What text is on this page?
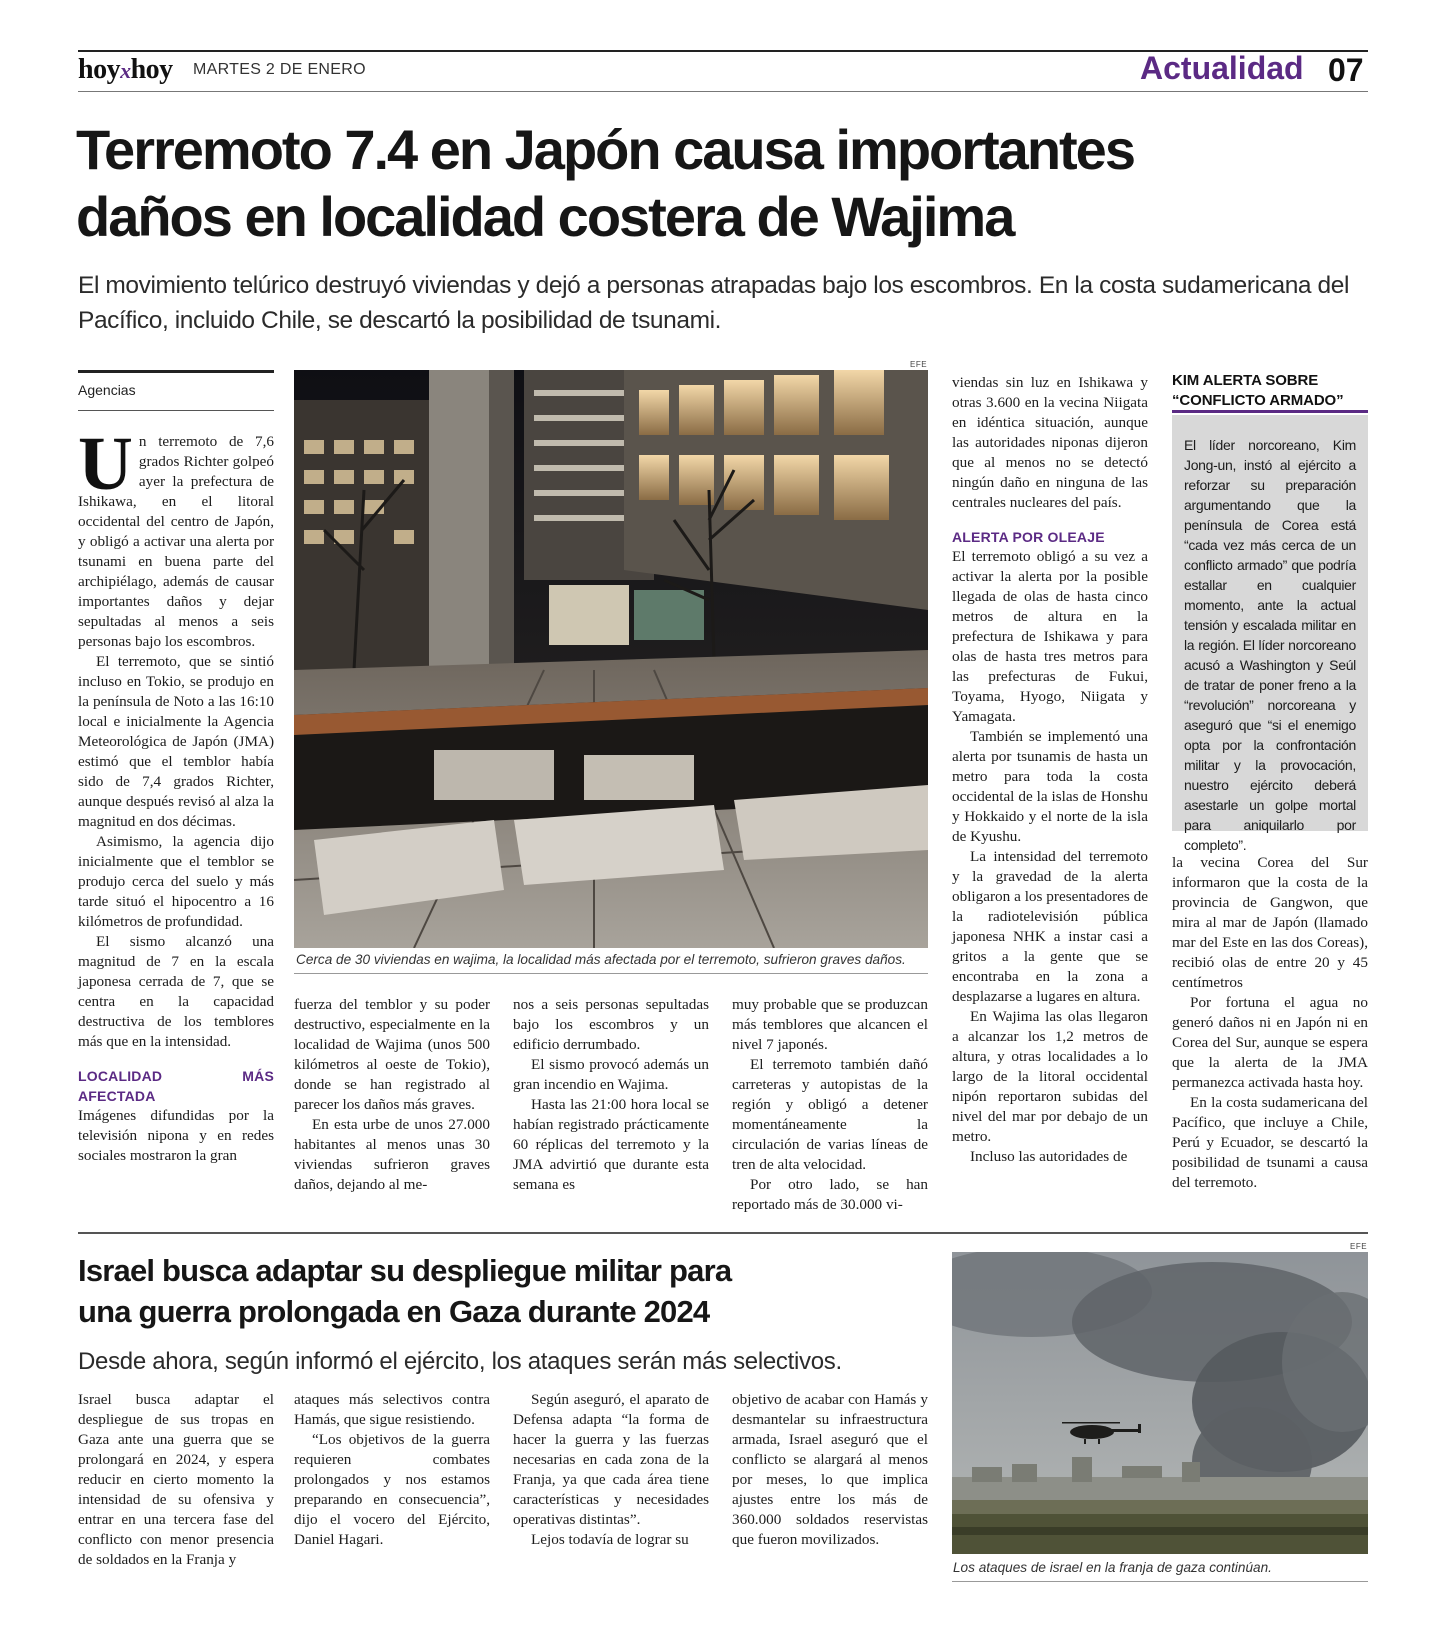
hoyxhoy MARTES 2 DE ENERO	Actualidad 07
Terremoto 7.4 en Japón causa importantes
daños en localidad costera de Wajima
El movimiento telúrico destruyó viviendas y dejó a personas atrapadas bajo los escombros. En la costa sudamericana del Pacífico, incluido Chile, se descartó la posibilidad de tsunami.
Agencias

Un terremoto de 7,6 grados Richter golpeó ayer la prefectura de Ishikawa, en el litoral occidental del centro de Japón, y obligó a activar una alerta por tsunami en buena parte del archipiélago, además de causar importantes daños y dejar sepultadas al menos a seis personas bajo los escombros.

El terremoto, que se sintió incluso en Tokio, se produjo en la península de Noto a las 16:10 local e inicialmente la Agencia Meteorológica de Japón (JMA) estimó que el temblor había sido de 7,4 grados Richter, aunque después revisó al alza la magnitud en dos décimas.

Asimismo, la agencia dijo inicialmente que el temblor se produjo cerca del suelo y más tarde situó el hipocentro a 16 kilómetros de profundidad.

El sismo alcanzó una magnitud de 7 en la escala japonesa cerrada de 7, que se centra en la capacidad destructiva de los temblores más que en la intensidad.

LOCALIDAD MÁS AFECTADA

Imágenes difundidas por la televisión nipona y en redes sociales mostraron la gran

EFE
Cerca de 30 viviendas en wajima, la localidad más afectada por el terremoto, sufrieron graves daños.

fuerza del temblor y su poder destructivo, especialmente en la localidad de Wajima (unos 500 kilómetros al oeste de Tokio), donde se han registrado al parecer los daños más graves.

En esta urbe de unos 27.000 habitantes al menos unas 30 viviendas sufrieron graves daños, dejando al me-

nos a seis personas sepultadas bajo los escombros y un edificio derrumbado.

El sismo provocó además un gran incendio en Wajima.

Hasta las 21:00 hora local se habían registrado prácticamente 60 réplicas del terremoto y la JMA advirtió que durante esta semana es

muy probable que se produzcan más temblores que alcancen el nivel 7 japonés.

El terremoto también dañó carreteras y autopistas de la región y obligó a detener momentáneamente la circulación de varias líneas de tren de alta velocidad.

Por otro lado, se han reportado más de 30.000 vi-

viendas sin luz en Ishikawa y otras 3.600 en la vecina Niigata en idéntica situación, aunque las autoridades niponas dijeron que al menos no se detectó ningún daño en ninguna de las centrales nucleares del país.

ALERTA POR OLEAJE

El terremoto obligó a su vez a activar la alerta por la posible llegada de olas de hasta cinco metros de altura en la prefectura de Ishikawa y para olas de hasta tres metros para las prefecturas de Fukui, Toyama, Hyogo, Niigata y Yamagata.

También se implementó una alerta por tsunamis de hasta un metro para toda la costa occidental de la islas de Honshu y Hokkaido y el norte de la isla de Kyushu.

La intensidad del terremoto y la gravedad de la alerta obligaron a los presentadores de la radiotelevisión pública japonesa NHK a instar casi a gritos a la gente que se encontraba en la zona a desplazarse a lugares en altura.

En Wajima las olas llegaron a alcanzar los 1,2 metros de altura, y otras localidades a lo largo de la litoral occidental nipón reportaron subidas del nivel del mar por debajo de un metro.

Incluso las autoridades de

KIM ALERTA SOBRE
“CONFLICTO ARMADO”
El líder norcoreano, Kim Jong-un, instó al ejército a reforzar su preparación argumentando que la península de Corea está “cada vez más cerca de un conflicto armado” que podría estallar en cualquier momento, ante la actual tensión y escalada militar en la región. El líder norcoreano acusó a Washington y Seúl de tratar de poner freno a la “revolución” norcoreana y aseguró que “si el enemigo opta por la confrontación militar y la provocación, nuestro ejército deberá asestarle un golpe mortal para aniquilarlo por completo”.

la vecina Corea del Sur informaron que la costa de la provincia de Gangwon, que mira al mar de Japón (llamado mar del Este en las dos Coreas), recibió olas de entre 20 y 45 centímetros

Por fortuna el agua no generó daños ni en Japón ni en Corea del Sur, aunque se espera que la alerta de la JMA permanezca activada hasta hoy.

En la costa sudamericana del Pacífico, que incluye a Chile, Perú y Ecuador, se descartó la posibilidad de tsunami a causa del terremoto.

Israel busca adaptar su despliegue militar para
una guerra prolongada en Gaza durante 2024
Desde ahora, según informó el ejército, los ataques serán más selectivos.

Israel busca adaptar el despliegue de sus tropas en Gaza ante una guerra que se prolongará en 2024, y espera reducir en cierto momento la intensidad de su ofensiva y entrar en una tercera fase del conflicto con menor presencia de soldados en la Franja y

ataques más selectivos contra Hamás, que sigue resistiendo.

“Los objetivos de la guerra requieren combates prolongados y nos estamos preparando en consecuencia”, dijo el vocero del Ejército, Daniel Hagari.

Según aseguró, el aparato de Defensa adapta “la forma de hacer la guerra y las fuerzas necesarias en cada zona de la Franja, ya que cada área tiene características y necesidades operativas distintas”.

Lejos todavía de lograr su

objetivo de acabar con Hamás y desmantelar su infraestructura armada, Israel aseguró que el conflicto se alargará al menos por meses, lo que implica ajustes entre los más de 360.000 soldados reservistas que fueron movilizados.

EFE
Los ataques de israel en la franja de gaza continúan.
